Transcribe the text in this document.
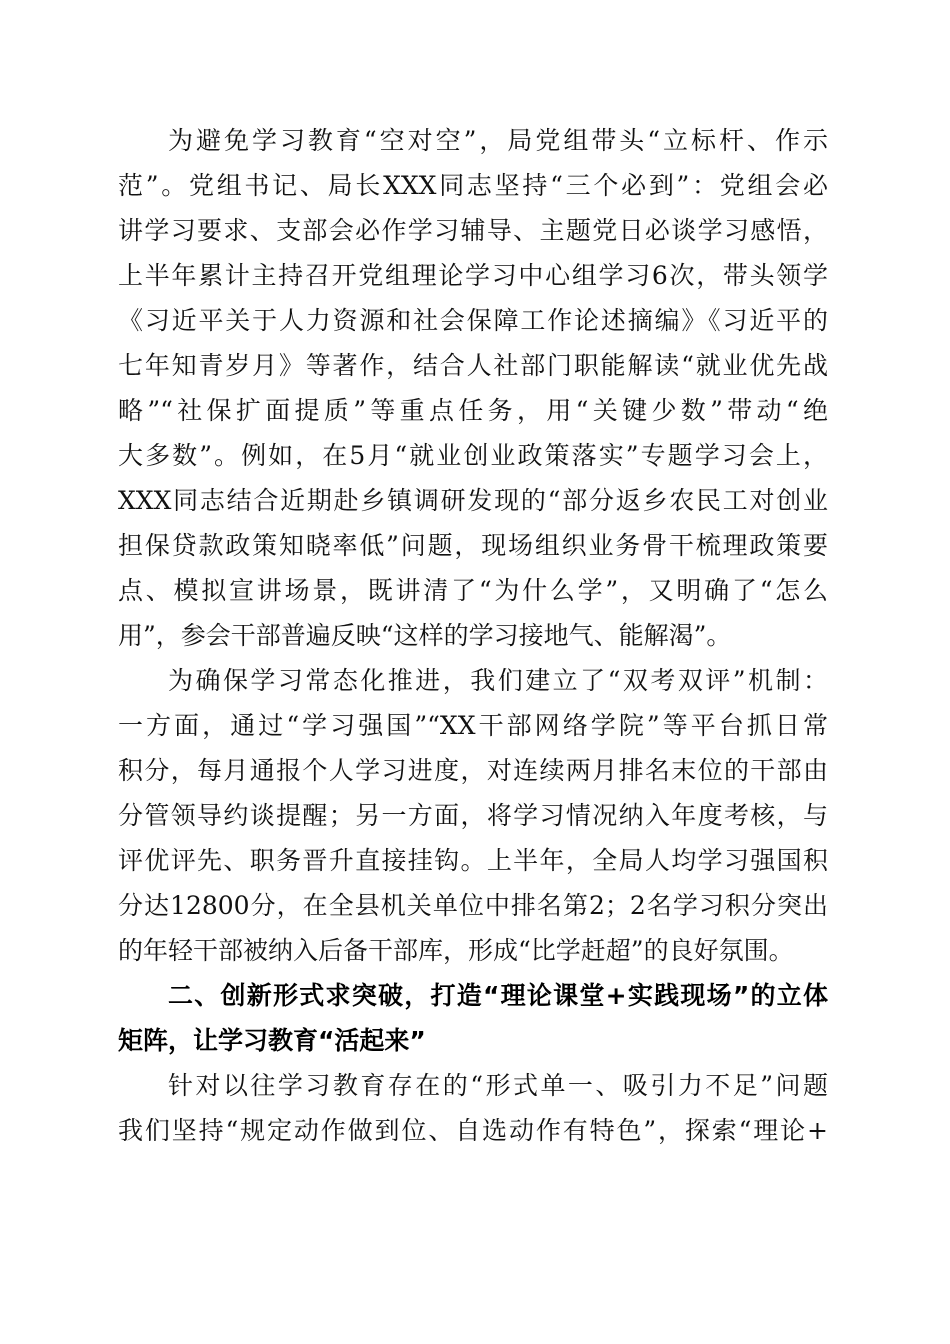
为避免学习教育“空对空”，局党组带头“立标杆、作示
范”。党组书记、局长XXX同志坚持“三个必到”：党组会必
讲学习要求、支部会必作学习辅导、主题党日必谈学习感悟，
上半年累计主持召开党组理论学习中心组学习6次，带头领学
《习近平关于人力资源和社会保障工作论述摘编》《习近平的
七年知青岁月》等著作，结合人社部门职能解读“就业优先战
略”“社保扩面提质”等重点任务，用“关键少数”带动“绝
大多数”。例如，在5月“就业创业政策落实”专题学习会上，
XXX同志结合近期赴乡镇调研发现的“部分返乡农民工对创业
担保贷款政策知晓率低”问题，现场组织业务骨干梳理政策要
点、模拟宣讲场景，既讲清了“为什么学”，又明确了“怎么
用”，参会干部普遍反映“这样的学习接地气、能解渴”。
为确保学习常态化推进，我们建立了“双考双评”机制：
一方面，通过“学习强国”“XX干部网络学院”等平台抓日常
积分，每月通报个人学习进度，对连续两月排名末位的干部由
分管领导约谈提醒；另一方面，将学习情况纳入年度考核，与
评优评先、职务晋升直接挂钩。上半年，全局人均学习强国积
分达12800分，在全县机关单位中排名第2；2名学习积分突出
的年轻干部被纳入后备干部库，形成“比学赶超”的良好氛围。
二、创新形式求突破，打造“理论课堂+实践现场”的立体
矩阵，让学习教育“活起来”
针对以往学习教育存在的“形式单一、吸引力不足”问题
我们坚持“规定动作做到位、自选动作有特色”，探索“理论+
